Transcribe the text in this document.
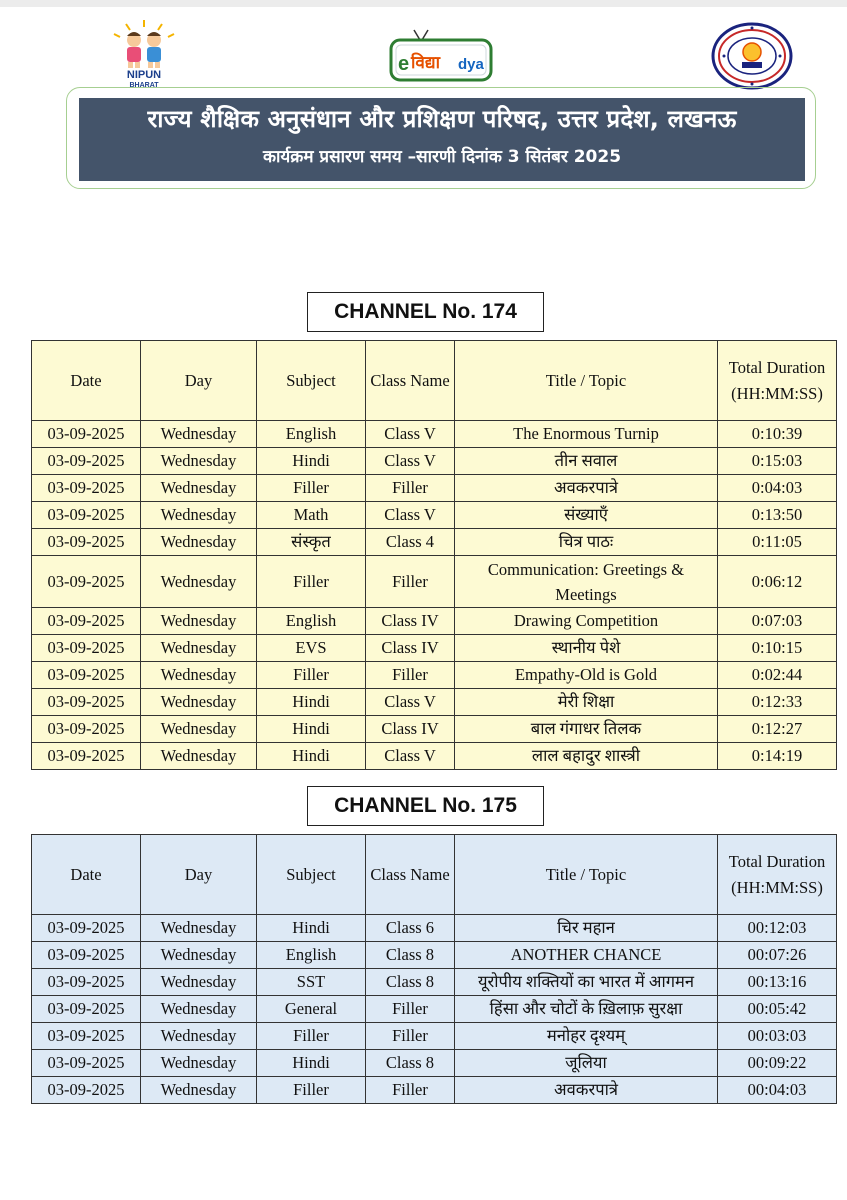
NIPUN
BHARAT
e विद्या dya
राज्य शैक्षिक अनुसंधान और प्रशिक्षण परिषद, उत्तर प्रदेश, लखनऊ
कार्यक्रम प्रसारण समय –सारणी दिनांक 3 सितंबर 2025
CHANNEL No. 174
Date	Day	Subject	Class Name	Title / Topic	Total Duration (HH:MM:SS)
03-09-2025	Wednesday	English	Class V	The Enormous Turnip	0:10:39
03-09-2025	Wednesday	Hindi	Class V	तीन सवाल	0:15:03
03-09-2025	Wednesday	Filler	Filler	अवकरपात्रे	0:04:03
03-09-2025	Wednesday	Math	Class V	संख्याएँ	0:13:50
03-09-2025	Wednesday	संस्कृत	Class 4	चित्र पाठः	0:11:05
03-09-2025	Wednesday	Filler	Filler	Communication: Greetings & Meetings	0:06:12
03-09-2025	Wednesday	English	Class IV	Drawing Competition	0:07:03
03-09-2025	Wednesday	EVS	Class IV	स्थानीय पेशे	0:10:15
03-09-2025	Wednesday	Filler	Filler	Empathy-Old is Gold	0:02:44
03-09-2025	Wednesday	Hindi	Class V	मेरी शिक्षा	0:12:33
03-09-2025	Wednesday	Hindi	Class IV	बाल गंगाधर तिलक	0:12:27
03-09-2025	Wednesday	Hindi	Class V	लाल बहादुर शास्त्री	0:14:19
CHANNEL No. 175
Date	Day	Subject	Class Name	Title / Topic	Total Duration (HH:MM:SS)
03-09-2025	Wednesday	Hindi	Class 6	चिर महान	00:12:03
03-09-2025	Wednesday	English	Class 8	ANOTHER CHANCE	00:07:26
03-09-2025	Wednesday	SST	Class 8	यूरोपीय शक्तियों का भारत में आगमन	00:13:16
03-09-2025	Wednesday	General	Filler	हिंसा और चोटों के ख़िलाफ़ सुरक्षा	00:05:42
03-09-2025	Wednesday	Filler	Filler	मनोहर दृश्यम्	00:03:03
03-09-2025	Wednesday	Hindi	Class 8	जूलिया	00:09:22
03-09-2025	Wednesday	Filler	Filler	अवकरपात्रे	00:04:03
